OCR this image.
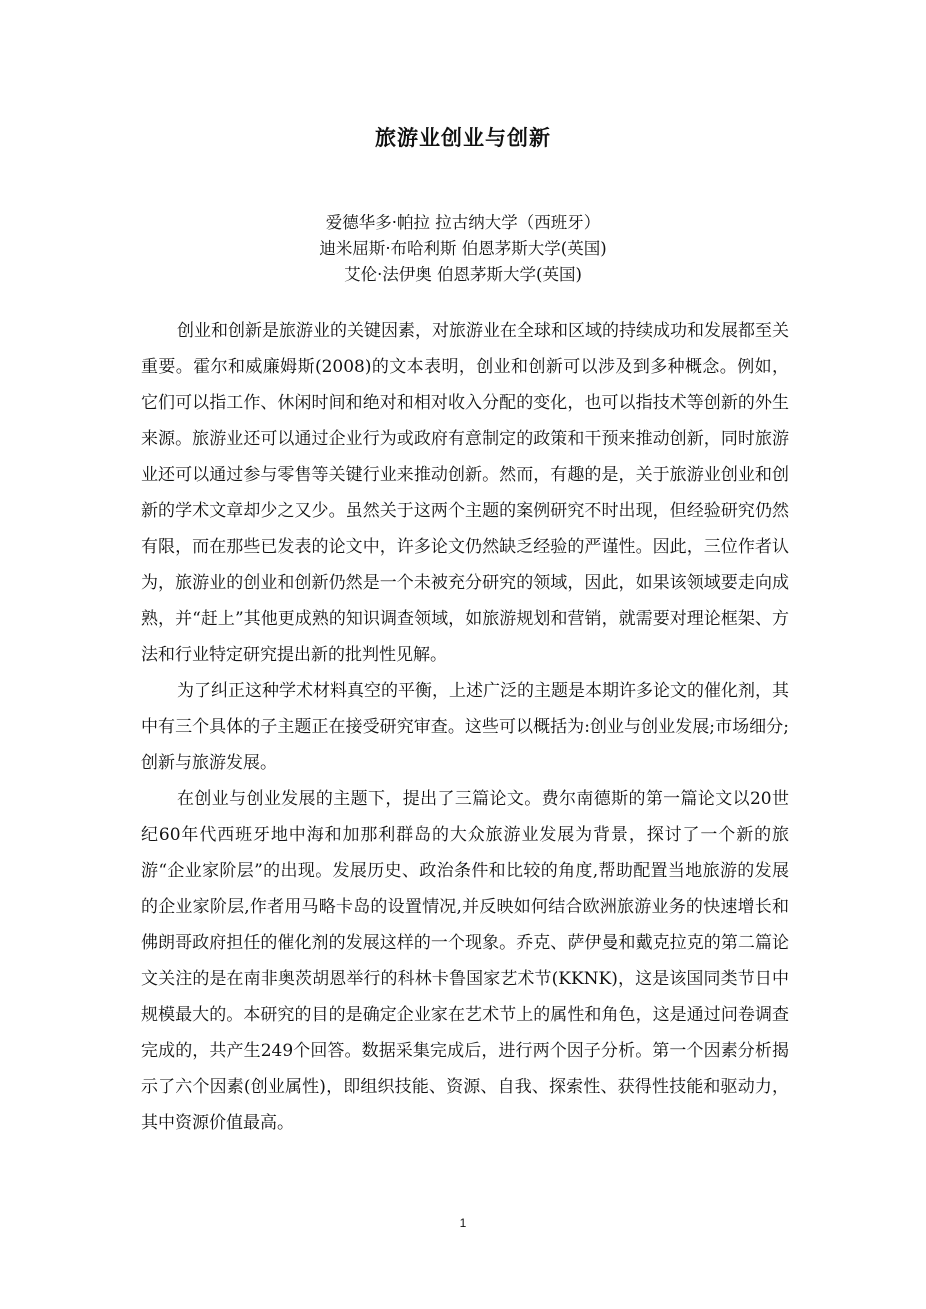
旅游业创业与创新
爱德华多·帕拉 拉古纳大学（西班牙）
迪米屈斯·布哈利斯 伯恩茅斯大学(英国)
艾伦·法伊奥 伯恩茅斯大学(英国)

创业和创新是旅游业的关键因素，对旅游业在全球和区域的持续成功和发展都至关重要。霍尔和威廉姆斯(2008)的文本表明，创业和创新可以涉及到多种概念。例如，它们可以指工作、休闲时间和绝对和相对收入分配的变化，也可以指技术等创新的外生来源。旅游业还可以通过企业行为或政府有意制定的政策和干预来推动创新，同时旅游业还可以通过参与零售等关键行业来推动创新。然而，有趣的是，关于旅游业创业和创新的学术文章却少之又少。虽然关于这两个主题的案例研究不时出现，但经验研究仍然有限，而在那些已发表的论文中，许多论文仍然缺乏经验的严谨性。因此，三位作者认为，旅游业的创业和创新仍然是一个未被充分研究的领域，因此，如果该领域要走向成熟，并“赶上”其他更成熟的知识调查领域，如旅游规划和营销，就需要对理论框架、方法和行业特定研究提出新的批判性见解。

为了纠正这种学术材料真空的平衡，上述广泛的主题是本期许多论文的催化剂，其中有三个具体的子主题正在接受研究审查。这些可以概括为:创业与创业发展;市场细分;创新与旅游发展。

在创业与创业发展的主题下，提出了三篇论文。费尔南德斯的第一篇论文以20世纪60年代西班牙地中海和加那利群岛的大众旅游业发展为背景，探讨了一个新的旅游“企业家阶层”的出现。发展历史、政治条件和比较的角度,帮助配置当地旅游的发展的企业家阶层,作者用马略卡岛的设置情况,并反映如何结合欧洲旅游业务的快速增长和佛朗哥政府担任的催化剂的发展这样的一个现象。乔克、萨伊曼和戴克拉克的第二篇论文关注的是在南非奥茨胡恩举行的科林卡鲁国家艺术节(KKNK)，这是该国同类节日中规模最大的。本研究的目的是确定企业家在艺术节上的属性和角色，这是通过问卷调查完成的，共产生249个回答。数据采集完成后，进行两个因子分析。第一个因素分析揭示了六个因素(创业属性)，即组织技能、资源、自我、探索性、获得性技能和驱动力，其中资源价值最高。

1
